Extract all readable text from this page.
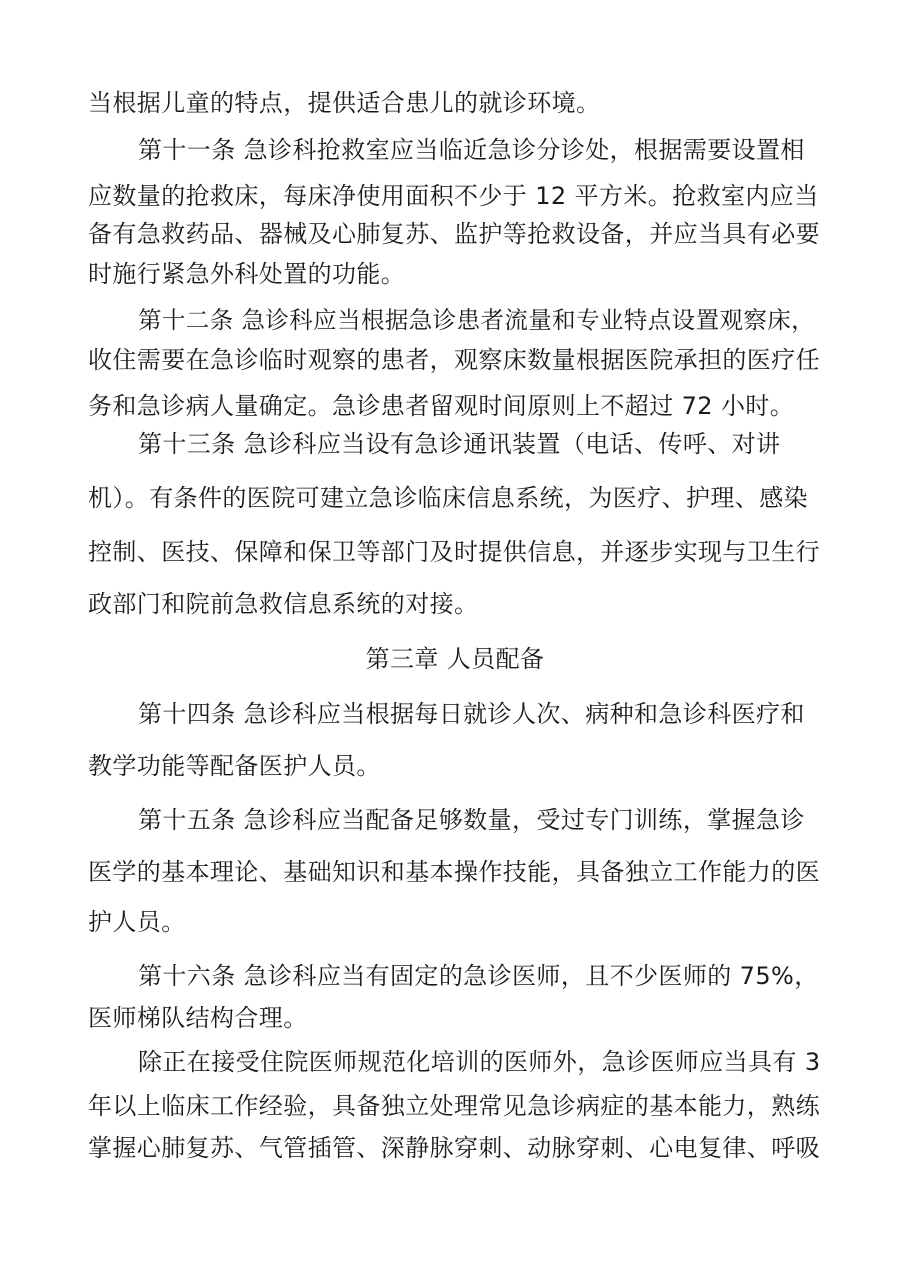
当根据儿童的特点，提供适合患儿的就诊环境。

第十一条 急诊科抢救室应当临近急诊分诊处，根据需要设置相

应数量的抢救床，每床净使用面积不少于 12 平方米。抢救室内应当

备有急救药品、器械及心肺复苏、监护等抢救设备，并应当具有必要

时施行紧急外科处置的功能。

第十二条 急诊科应当根据急诊患者流量和专业特点设置观察床，

收住需要在急诊临时观察的患者，观察床数量根据医院承担的医疗任

务和急诊病人量确定。急诊患者留观时间原则上不超过 72 小时。

第十三条 急诊科应当设有急诊通讯装置（电话、传呼、对讲

机）。有条件的医院可建立急诊临床信息系统，为医疗、护理、感染

控制、医技、保障和保卫等部门及时提供信息，并逐步实现与卫生行

政部门和院前急救信息系统的对接。

第三章 人员配备

第十四条 急诊科应当根据每日就诊人次、病种和急诊科医疗和

教学功能等配备医护人员。

第十五条 急诊科应当配备足够数量，受过专门训练，掌握急诊

医学的基本理论、基础知识和基本操作技能，具备独立工作能力的医

护人员。

第十六条 急诊科应当有固定的急诊医师，且不少医师的 75%，

医师梯队结构合理。

除正在接受住院医师规范化培训的医师外，急诊医师应当具有 3

年以上临床工作经验，具备独立处理常见急诊病症的基本能力，熟练

掌握心肺复苏、气管插管、深静脉穿刺、动脉穿刺、心电复律、呼吸
